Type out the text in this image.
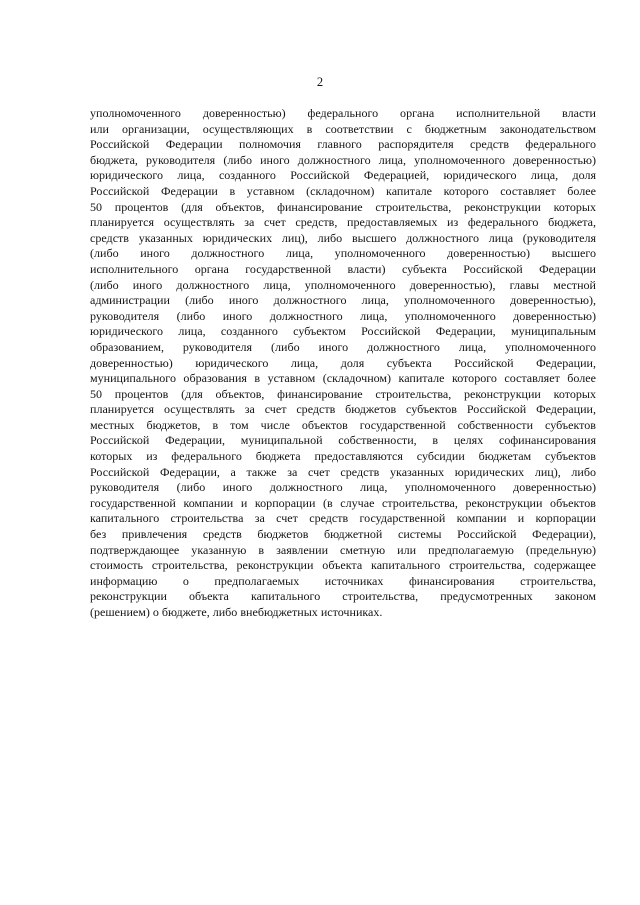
2
уполномоченного доверенностью) федерального органа исполнительной власти
или организации, осуществляющих в соответствии с бюджетным законодательством
Российской Федерации полномочия главного распорядителя средств федерального
бюджета, руководителя (либо иного должностного лица, уполномоченного доверенностью)
юридического лица, созданного Российской Федерацией, юридического лица, доля
Российской Федерации в уставном (складочном) капитале которого составляет более
50 процентов (для объектов, финансирование строительства, реконструкции которых
планируется осуществлять за счет средств, предоставляемых из федерального бюджета,
средств указанных юридических лиц), либо высшего должностного лица (руководителя
(либо иного должностного лица, уполномоченного доверенностью) высшего
исполнительного органа государственной власти) субъекта Российской Федерации
(либо иного должностного лица, уполномоченного доверенностью), главы местной
администрации (либо иного должностного лица, уполномоченного доверенностью),
руководителя (либо иного должностного лица, уполномоченного доверенностью)
юридического лица, созданного субъектом Российской Федерации, муниципальным
образованием, руководителя (либо иного должностного лица, уполномоченного
доверенностью) юридического лица, доля субъекта Российской Федерации,
муниципального образования в уставном (складочном) капитале которого составляет более
50 процентов (для объектов, финансирование строительства, реконструкции которых
планируется осуществлять за счет средств бюджетов субъектов Российской Федерации,
местных бюджетов, в том числе объектов государственной собственности субъектов
Российской Федерации, муниципальной собственности, в целях софинансирования
которых из федерального бюджета предоставляются субсидии бюджетам субъектов
Российской Федерации, а также за счет средств указанных юридических лиц), либо
руководителя (либо иного должностного лица, уполномоченного доверенностью)
государственной компании и корпорации (в случае строительства, реконструкции объектов
капитального строительства за счет средств государственной компании и корпорации
без привлечения средств бюджетов бюджетной системы Российской Федерации),
подтверждающее указанную в заявлении сметную или предполагаемую (предельную)
стоимость строительства, реконструкции объекта капитального строительства, содержащее
информацию о предполагаемых источниках финансирования строительства,
реконструкции объекта капитального строительства, предусмотренных законом
(решением) о бюджете, либо внебюджетных источниках.
